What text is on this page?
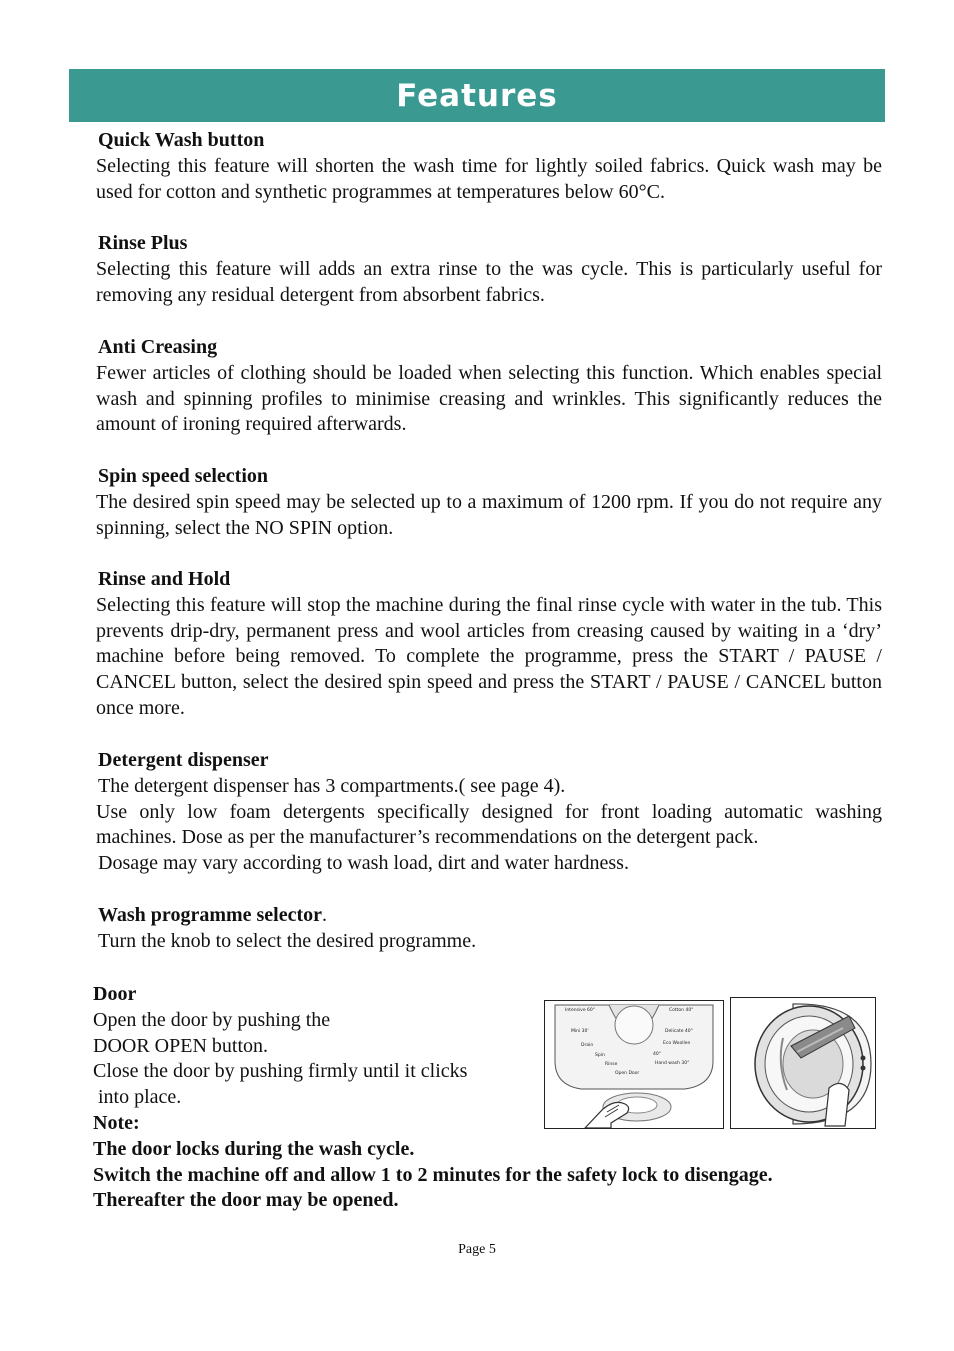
Features
Quick Wash button

Selecting this feature will shorten the wash time for lightly soiled fabrics. Quick wash may be used for cotton and synthetic programmes at temperatures below 60°C.

Rinse Plus

Selecting this feature will adds an extra rinse to the was cycle. This is particularly useful for removing any residual detergent from absorbent fabrics.

Anti Creasing

Fewer articles of clothing should be loaded when selecting this function. Which enables special wash and spinning profiles to minimise creasing and wrinkles. This significantly reduces the amount of ironing required afterwards.

Spin speed selection

The desired spin speed may be selected up to a maximum of 1200 rpm. If you do not require any spinning, select the NO SPIN option.

Rinse and Hold

Selecting this feature will stop the machine during the final rinse cycle with water in the tub. This prevents drip-dry, permanent press and wool articles from creasing caused by waiting in a ‘dry’ machine before being removed. To complete the programme, press the START / PAUSE / CANCEL button, select the desired spin speed and press the START / PAUSE / CANCEL button once more.

Detergent dispenser

The detergent dispenser has 3 compartments.( see page 4).

Use only low foam detergents specifically designed for front loading automatic washing machines. Dose as per the manufacturer’s recommendations on the detergent pack.

Dosage may vary according to wash load, dirt and water hardness.

Wash programme selector.

Turn the knob to select the desired programme.

Door
Open the door by pushing the
DOOR OPEN button.
Close the door by pushing firmly until it clicks
into place.
Note:
The door locks during the wash cycle.
Switch the machine off and allow 1 to 2 minutes for the safety lock to disengage.
Thereafter the door may be opened.
Intensive 60°
Mini 30'
Drain
Spin
Rinse
Open Door
Cotton 40°
Delicate 40°
Eco Woollen
40°
Hand wash 30°
Page 5
